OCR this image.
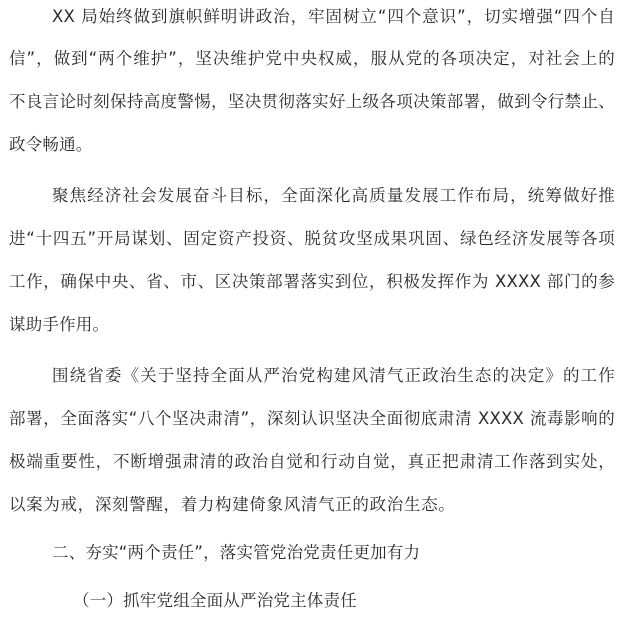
XX 局始终做到旗帜鲜明讲政治，牢固树立“四个意识”，切实增强“四个自
信”，做到“两个维护”，坚决维护党中央权威，服从党的各项决定，对社会上的
不良言论时刻保持高度警惕，坚决贯彻落实好上级各项决策部署，做到令行禁止、
政令畅通。
聚焦经济社会发展奋斗目标，全面深化高质量发展工作布局，统筹做好推
进“十四五”开局谋划、固定资产投资、脱贫攻坚成果巩固、绿色经济发展等各项
工作，确保中央、省、市、区决策部署落实到位，积极发挥作为 XXXX 部门的参
谋助手作用。
围绕省委《关于坚持全面从严治党构建风清气正政治生态的决定》的工作
部署，全面落实“八个坚决肃清”，深刻认识坚决全面彻底肃清 XXXX 流毒影响的
极端重要性，不断增强肃清的政治自觉和行动自觉，真正把肃清工作落到实处，
以案为戒，深刻警醒，着力构建倚象风清气正的政治生态。
二、夯实“两个责任”，落实管党治党责任更加有力
（一）抓牢党组全面从严治党主体责任
